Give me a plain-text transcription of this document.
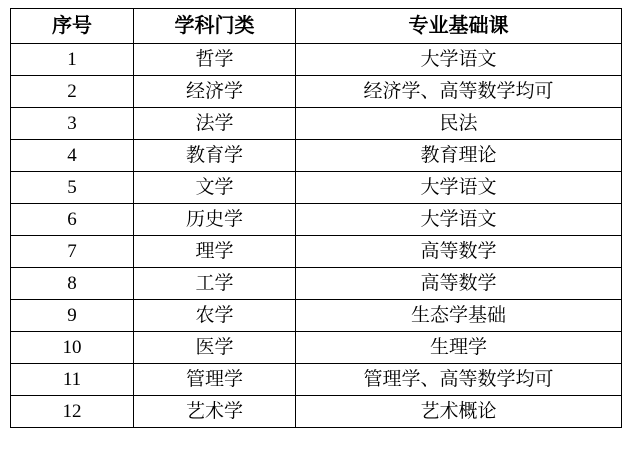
序号	学科门类	专业基础课
1	哲学	大学语文
2	经济学	经济学、高等数学均可
3	法学	民法
4	教育学	教育理论
5	文学	大学语文
6	历史学	大学语文
7	理学	高等数学
8	工学	高等数学
9	农学	生态学基础
10	医学	生理学
11	管理学	管理学、高等数学均可
12	艺术学	艺术概论
